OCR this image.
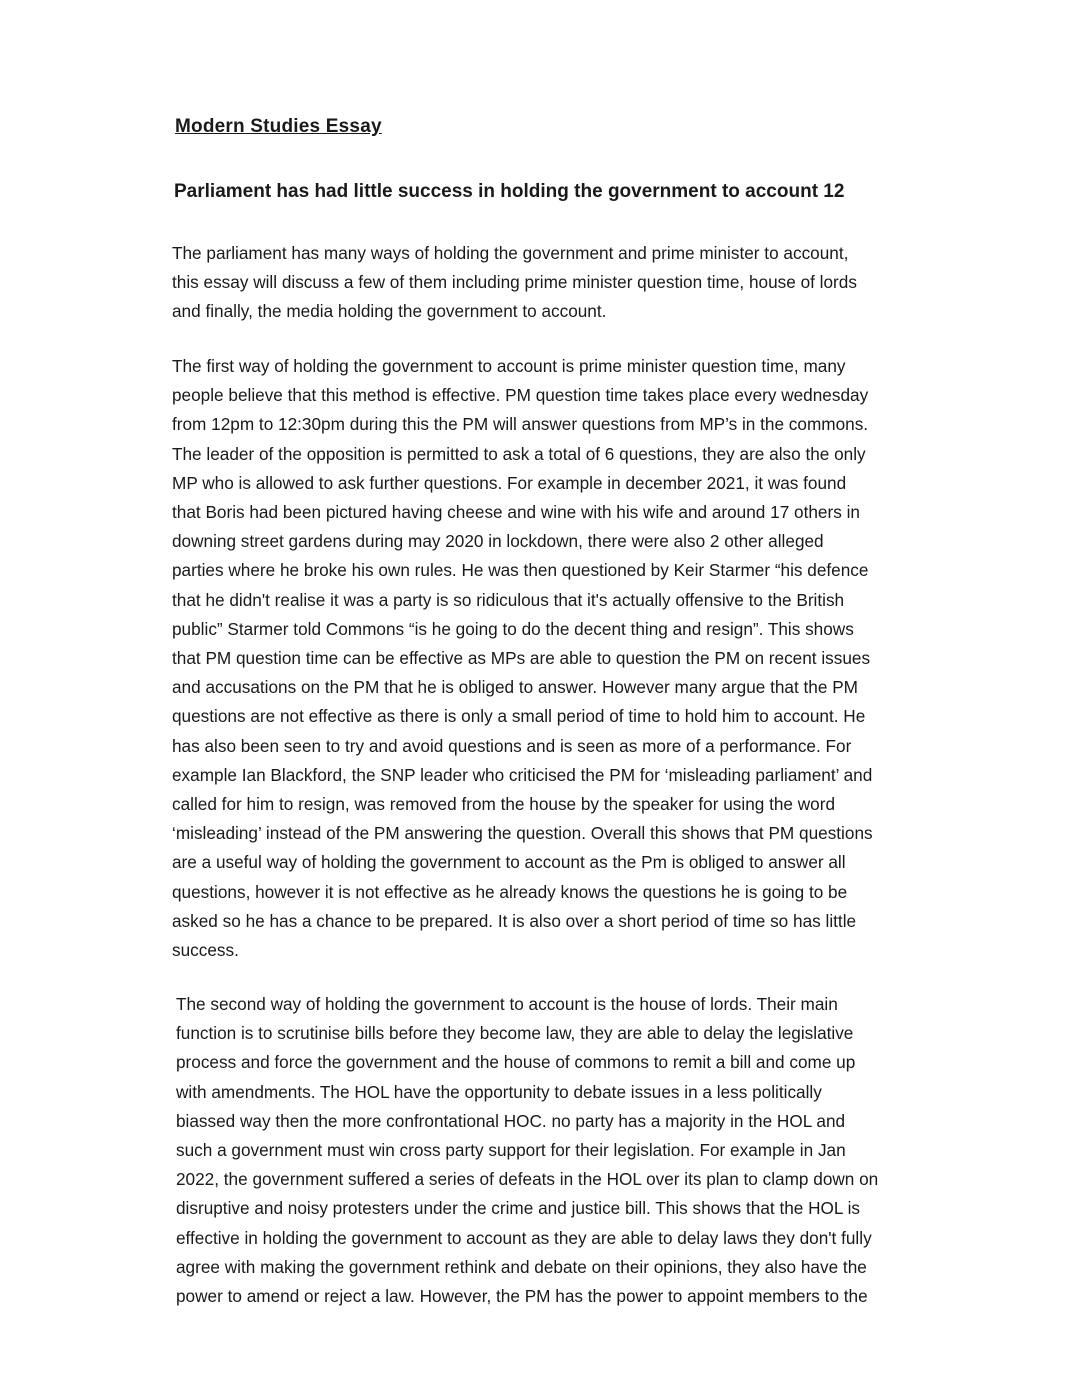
Modern Studies Essay
Parliament has had little success in holding the government to account 12
The parliament has many ways of holding the government and prime minister to account,
this essay will discuss a few of them including prime minister question time, house of lords
and finally, the media holding the government to account.
The first way of holding the government to account is prime minister question time, many
people believe that this method is effective. PM question time takes place every wednesday
from 12pm to 12:30pm during this the PM will answer questions from MP’s in the commons.
The leader of the opposition is permitted to ask a total of 6 questions, they are also the only
MP who is allowed to ask further questions. For example in december 2021, it was found
that Boris had been pictured having cheese and wine with his wife and around 17 others in
downing street gardens during may 2020 in lockdown, there were also 2 other alleged
parties where he broke his own rules. He was then questioned by Keir Starmer “his defence
that he didn't realise it was a party is so ridiculous that it's actually offensive to the British
public” Starmer told Commons “is he going to do the decent thing and resign”. This shows
that PM question time can be effective as MPs are able to question the PM on recent issues
and accusations on the PM that he is obliged to answer. However many argue that the PM
questions are not effective as there is only a small period of time to hold him to account. He
has also been seen to try and avoid questions and is seen as more of a performance. For
example Ian Blackford, the SNP leader who criticised the PM for ‘misleading parliament’ and
called for him to resign, was removed from the house by the speaker for using the word
‘misleading’ instead of the PM answering the question. Overall this shows that PM questions
are a useful way of holding the government to account as the Pm is obliged to answer all
questions, however it is not effective as he already knows the questions he is going to be
asked so he has a chance to be prepared. It is also over a short period of time so has little
success.
The second way of holding the government to account is the house of lords. Their main
function is to scrutinise bills before they become law, they are able to delay the legislative
process and force the government and the house of commons to remit a bill and come up
with amendments. The HOL have the opportunity to debate issues in a less politically
biassed way then the more confrontational HOC. no party has a majority in the HOL and
such a government must win cross party support for their legislation. For example in Jan
2022, the government suffered a series of defeats in the HOL over its plan to clamp down on
disruptive and noisy protesters under the crime and justice bill. This shows that the HOL is
effective in holding the government to account as they are able to delay laws they don't fully
agree with making the government rethink and debate on their opinions, they also have the
power to amend or reject a law. However, the PM has the power to appoint members to the
